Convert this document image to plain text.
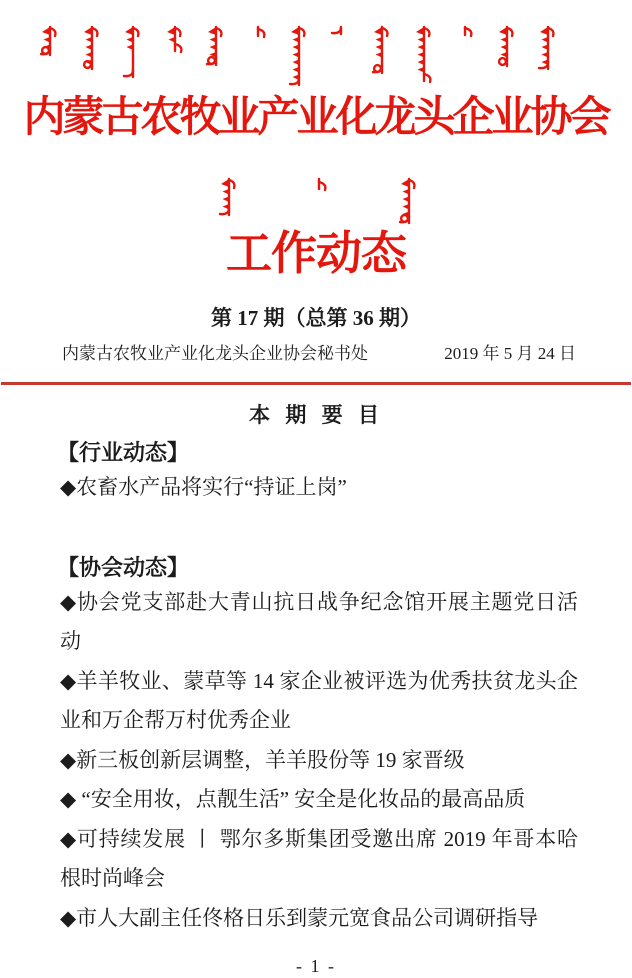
内蒙古农牧业产业化龙头企业协会
工作动态
第 17 期（总第 36 期）
内蒙古农牧业产业化龙头企业协会秘书处	2019 年 5 月 24 日
本 期 要 目
【行业动态】

◆农畜水产品将实行“持证上岗”

【协会动态】

◆协会党支部赴大青山抗日战争纪念馆开展主题党日活动

◆羊羊牧业、蒙草等 14 家企业被评选为优秀扶贫龙头企业和万企帮万村优秀企业

◆新三板创新层调整，羊羊股份等 19 家晋级

◆ “安全用妆，点靓生活” 安全是化妆品的最高品质

◆可持续发展 丨 鄂尔多斯集团受邀出席 2019 年哥本哈根时尚峰会

◆市人大副主任佟格日乐到蒙元宽食品公司调研指导

- 1 -
